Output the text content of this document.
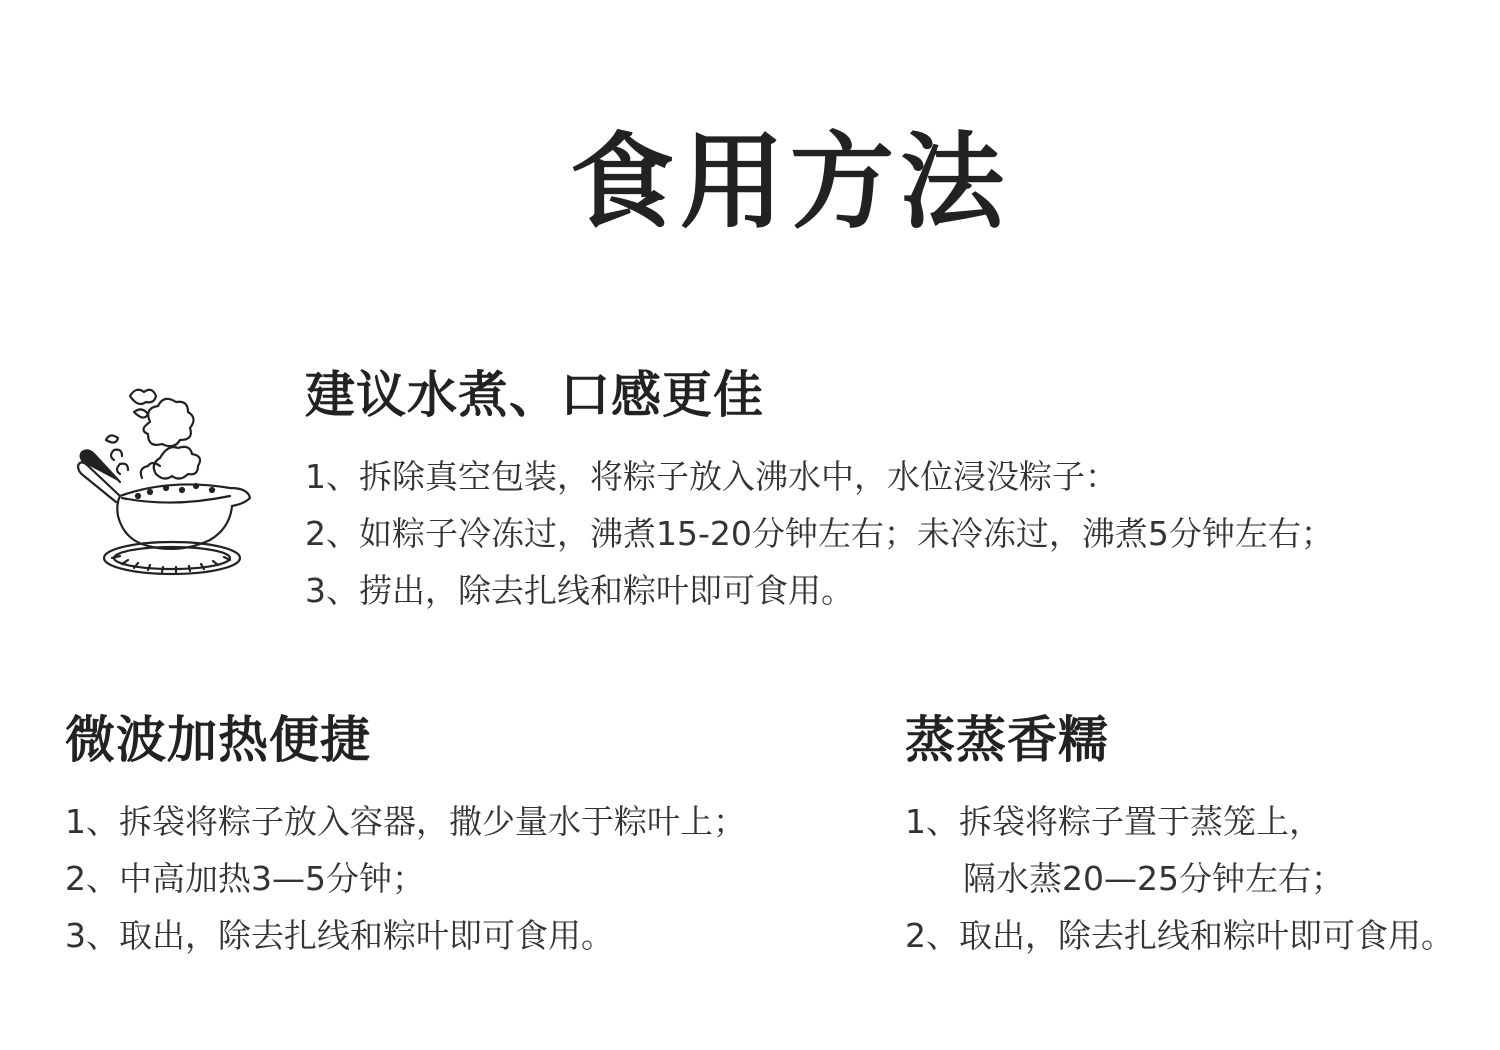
食用方法
建议水煮、口感更佳
1、拆除真空包装，将粽子放入沸水中，水位浸没粽子：
2、如粽子冷冻过，沸煮15-20分钟左右；未冷冻过，沸煮5分钟左右；
3、捞出，除去扎线和粽叶即可食用。
微波加热便捷
1、拆袋将粽子放入容器，撒少量水于粽叶上；
2、中高加热3—5分钟；
3、取出，除去扎线和粽叶即可食用。
蒸蒸香糯
1、拆袋将粽子置于蒸笼上，
隔水蒸20—25分钟左右；
2、取出，除去扎线和粽叶即可食用。
